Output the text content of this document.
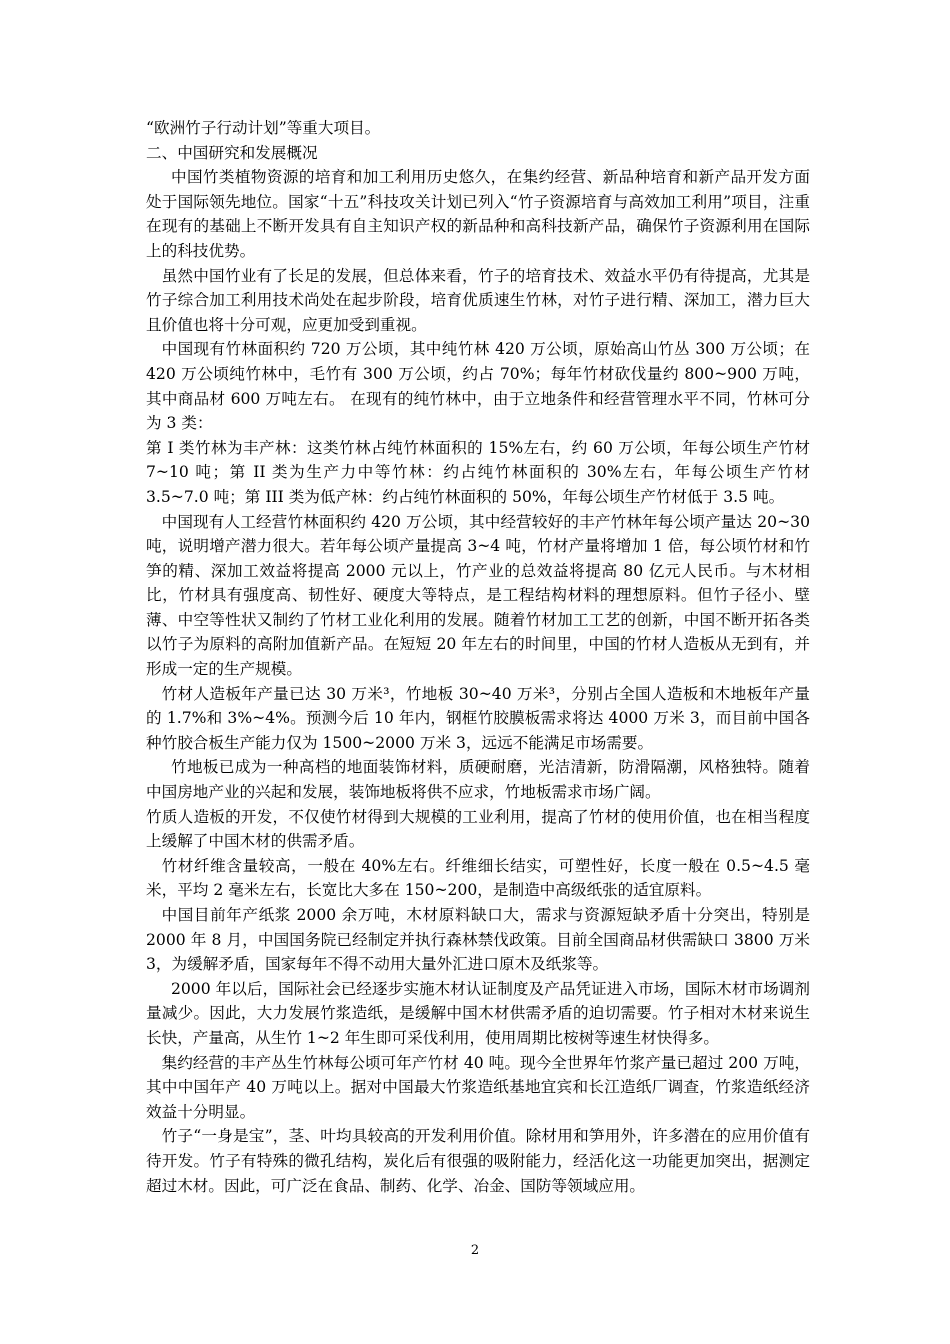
“欧洲竹子行动计划”等重大项目。

二、中国研究和发展概况

中国竹类植物资源的培育和加工利用历史悠久，在集约经营、新品种培育和新产品开发方面处于国际领先地位。国家“十五”科技攻关计划已列入“竹子资源培育与高效加工利用”项目，注重在现有的基础上不断开发具有自主知识产权的新品种和高科技新产品，确保竹子资源利用在国际上的科技优势。

虽然中国竹业有了长足的发展，但总体来看，竹子的培育技术、效益水平仍有待提高，尤其是竹子综合加工利用技术尚处在起步阶段，培育优质速生竹林，对竹子进行精、深加工，潜力巨大且价值也将十分可观，应更加受到重视。

中国现有竹林面积约 720 万公顷，其中纯竹林 420 万公顷，原始高山竹丛 300 万公顷；在 420 万公顷纯竹林中，毛竹有 300 万公顷，约占 70%；每年竹材砍伐量约 800~900 万吨，其中商品材 600 万吨左右。 在现有的纯竹林中，由于立地条件和经营管理水平不同，竹林可分为 3 类：

第 I 类竹林为丰产林：这类竹林占纯竹林面积的 15%左右，约 60 万公顷，年每公顷生产竹材 7~10 吨；第 II 类为生产力中等竹林：约占纯竹林面积的 30%左右，年每公顷生产竹材 3.5~7.0 吨；第 III 类为低产林：约占纯竹林面积的 50%，年每公顷生产竹材低于 3.5 吨。

中国现有人工经营竹林面积约 420 万公顷，其中经营较好的丰产竹林年每公顷产量达 20~30 吨，说明增产潜力很大。若年每公顷产量提高 3~4 吨，竹材产量将增加 1 倍，每公顷竹材和竹笋的精、深加工效益将提高 2000 元以上，竹产业的总效益将提高 80 亿元人民币。与木材相比，竹材具有强度高、韧性好、硬度大等特点，是工程结构材料的理想原料。但竹子径小、壁薄、中空等性状又制约了竹材工业化利用的发展。随着竹材加工工艺的创新，中国不断开拓各类以竹子为原料的高附加值新产品。在短短 20 年左右的时间里，中国的竹材人造板从无到有，并形成一定的生产规模。

竹材人造板年产量已达 30 万米³，竹地板 30~40 万米³，分别占全国人造板和木地板年产量的 1.7%和 3%~4%。预测今后 10 年内，钢框竹胶膜板需求将达 4000 万米 3，而目前中国各种竹胶合板生产能力仅为 1500~2000 万米 3，远远不能满足市场需要。

竹地板已成为一种高档的地面装饰材料，质硬耐磨，光洁清新，防滑隔潮，风格独特。随着中国房地产业的兴起和发展，装饰地板将供不应求，竹地板需求市场广阔。

竹质人造板的开发，不仅使竹材得到大规模的工业利用，提高了竹材的使用价值，也在相当程度上缓解了中国木材的供需矛盾。

竹材纤维含量较高，一般在 40%左右。纤维细长结实，可塑性好，长度一般在 0.5~4.5 毫米，平均 2 毫米左右，长宽比大多在 150~200，是制造中高级纸张的适宜原料。

中国目前年产纸浆 2000 余万吨，木材原料缺口大，需求与资源短缺矛盾十分突出，特别是 2000 年 8 月，中国国务院已经制定并执行森林禁伐政策。目前全国商品材供需缺口 3800 万米 3，为缓解矛盾，国家每年不得不动用大量外汇进口原木及纸浆等。

2000 年以后，国际社会已经逐步实施木材认证制度及产品凭证进入市场，国际木材市场调剂量减少。因此，大力发展竹浆造纸，是缓解中国木材供需矛盾的迫切需要。竹子相对木材来说生长快，产量高，从生竹 1~2 年生即可采伐利用，使用周期比桉树等速生材快得多。

集约经营的丰产丛生竹林每公顷可年产竹材 40 吨。现今全世界年竹浆产量已超过 200 万吨，其中中国年产 40 万吨以上。据对中国最大竹浆造纸基地宜宾和长江造纸厂调查，竹浆造纸经济效益十分明显。

竹子“一身是宝”，茎、叶均具较高的开发利用价值。除材用和笋用外，许多潜在的应用价值有待开发。竹子有特殊的微孔结构，炭化后有很强的吸附能力，经活化这一功能更加突出，据测定超过木材。因此，可广泛在食品、制药、化学、冶金、国防等领域应用。

2
